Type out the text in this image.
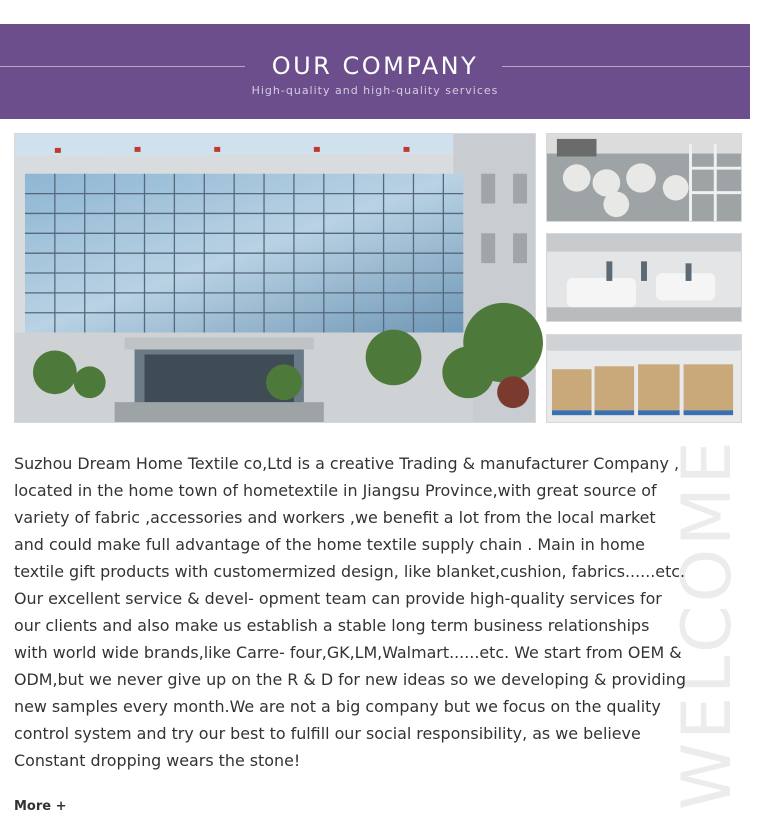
OUR COMPANY
High-quality and high-quality services
WELCOME

Suzhou Dream Home Textile co,Ltd is a creative Trading & manufacturer Company , located in the home town of hometextile in Jiangsu Province,with great source of variety of fabric ,accessories and workers ,we benefit a lot from the local market and could make full advantage of the home textile supply chain . Main in home textile gift products with customermized design, like blanket,cushion, fabrics......etc. Our excellent service & devel- opment team can provide high-quality services for our clients and also make us establish a stable long term business relationships with world wide brands,like Carre- four,GK,LM,Walmart......etc. We start from OEM & ODM,but we never give up on the R & D for new ideas so we developing & providing new samples every month.We are not a big company but we focus on the quality control system and try our best to fulfill our social responsibility, as we believe Constant dropping wears the stone!

More +
